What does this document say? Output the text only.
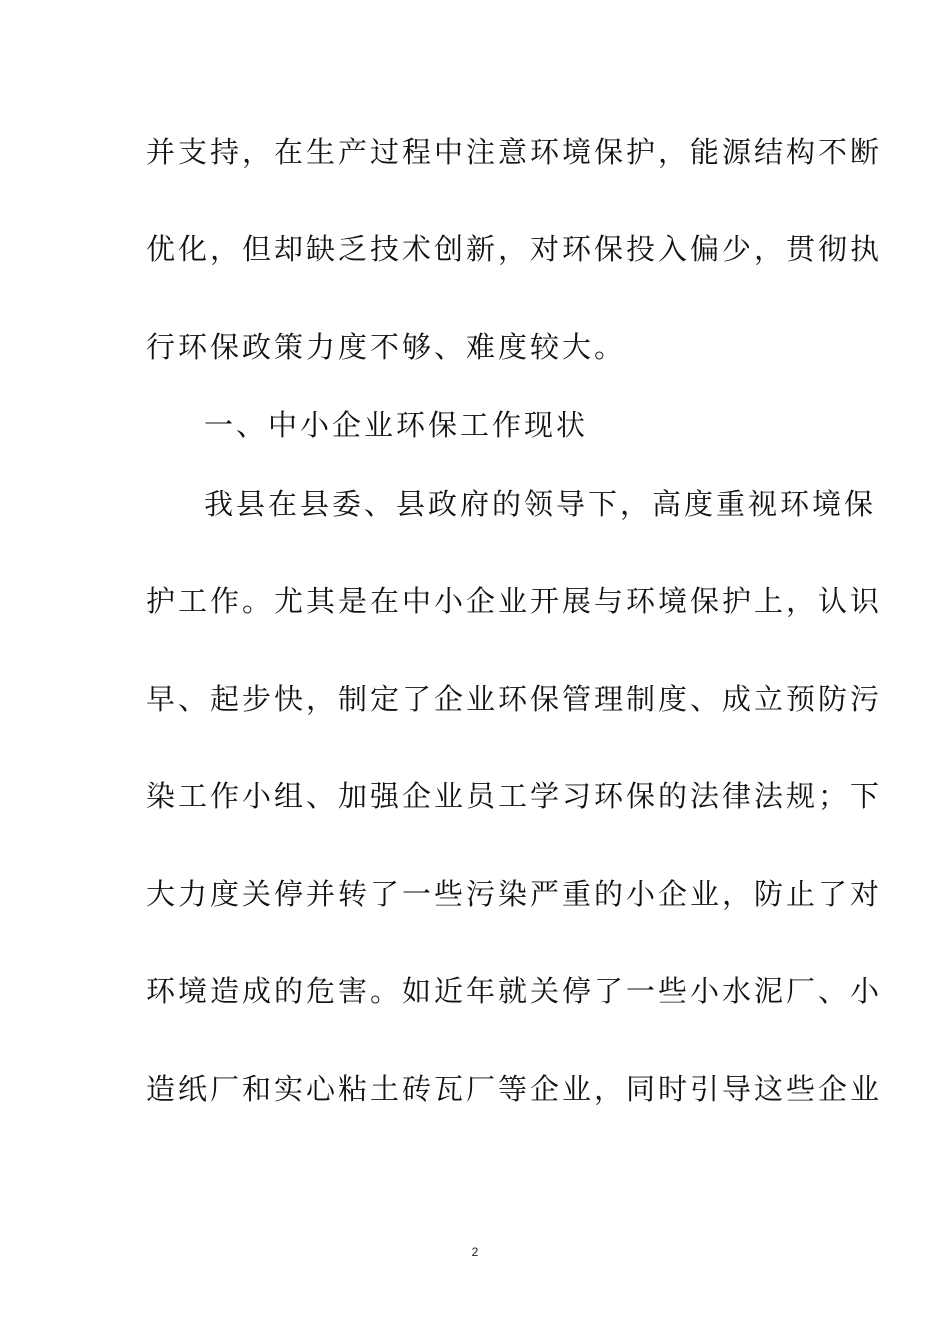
并支持，在生产过程中注意环境保护，能源结构不断
优化，但却缺乏技术创新，对环保投入偏少，贯彻执
行环保政策力度不够、难度较大。
一、中小企业环保工作现状
我县在县委、县政府的领导下，高度重视环境保
护工作。尤其是在中小企业开展与环境保护上，认识
早、起步快，制定了企业环保管理制度、成立预防污
染工作小组、加强企业员工学习环保的法律法规；下
大力度关停并转了一些污染严重的小企业，防止了对
环境造成的危害。如近年就关停了一些小水泥厂、小
造纸厂和实心粘土砖瓦厂等企业，同时引导这些企业
2
